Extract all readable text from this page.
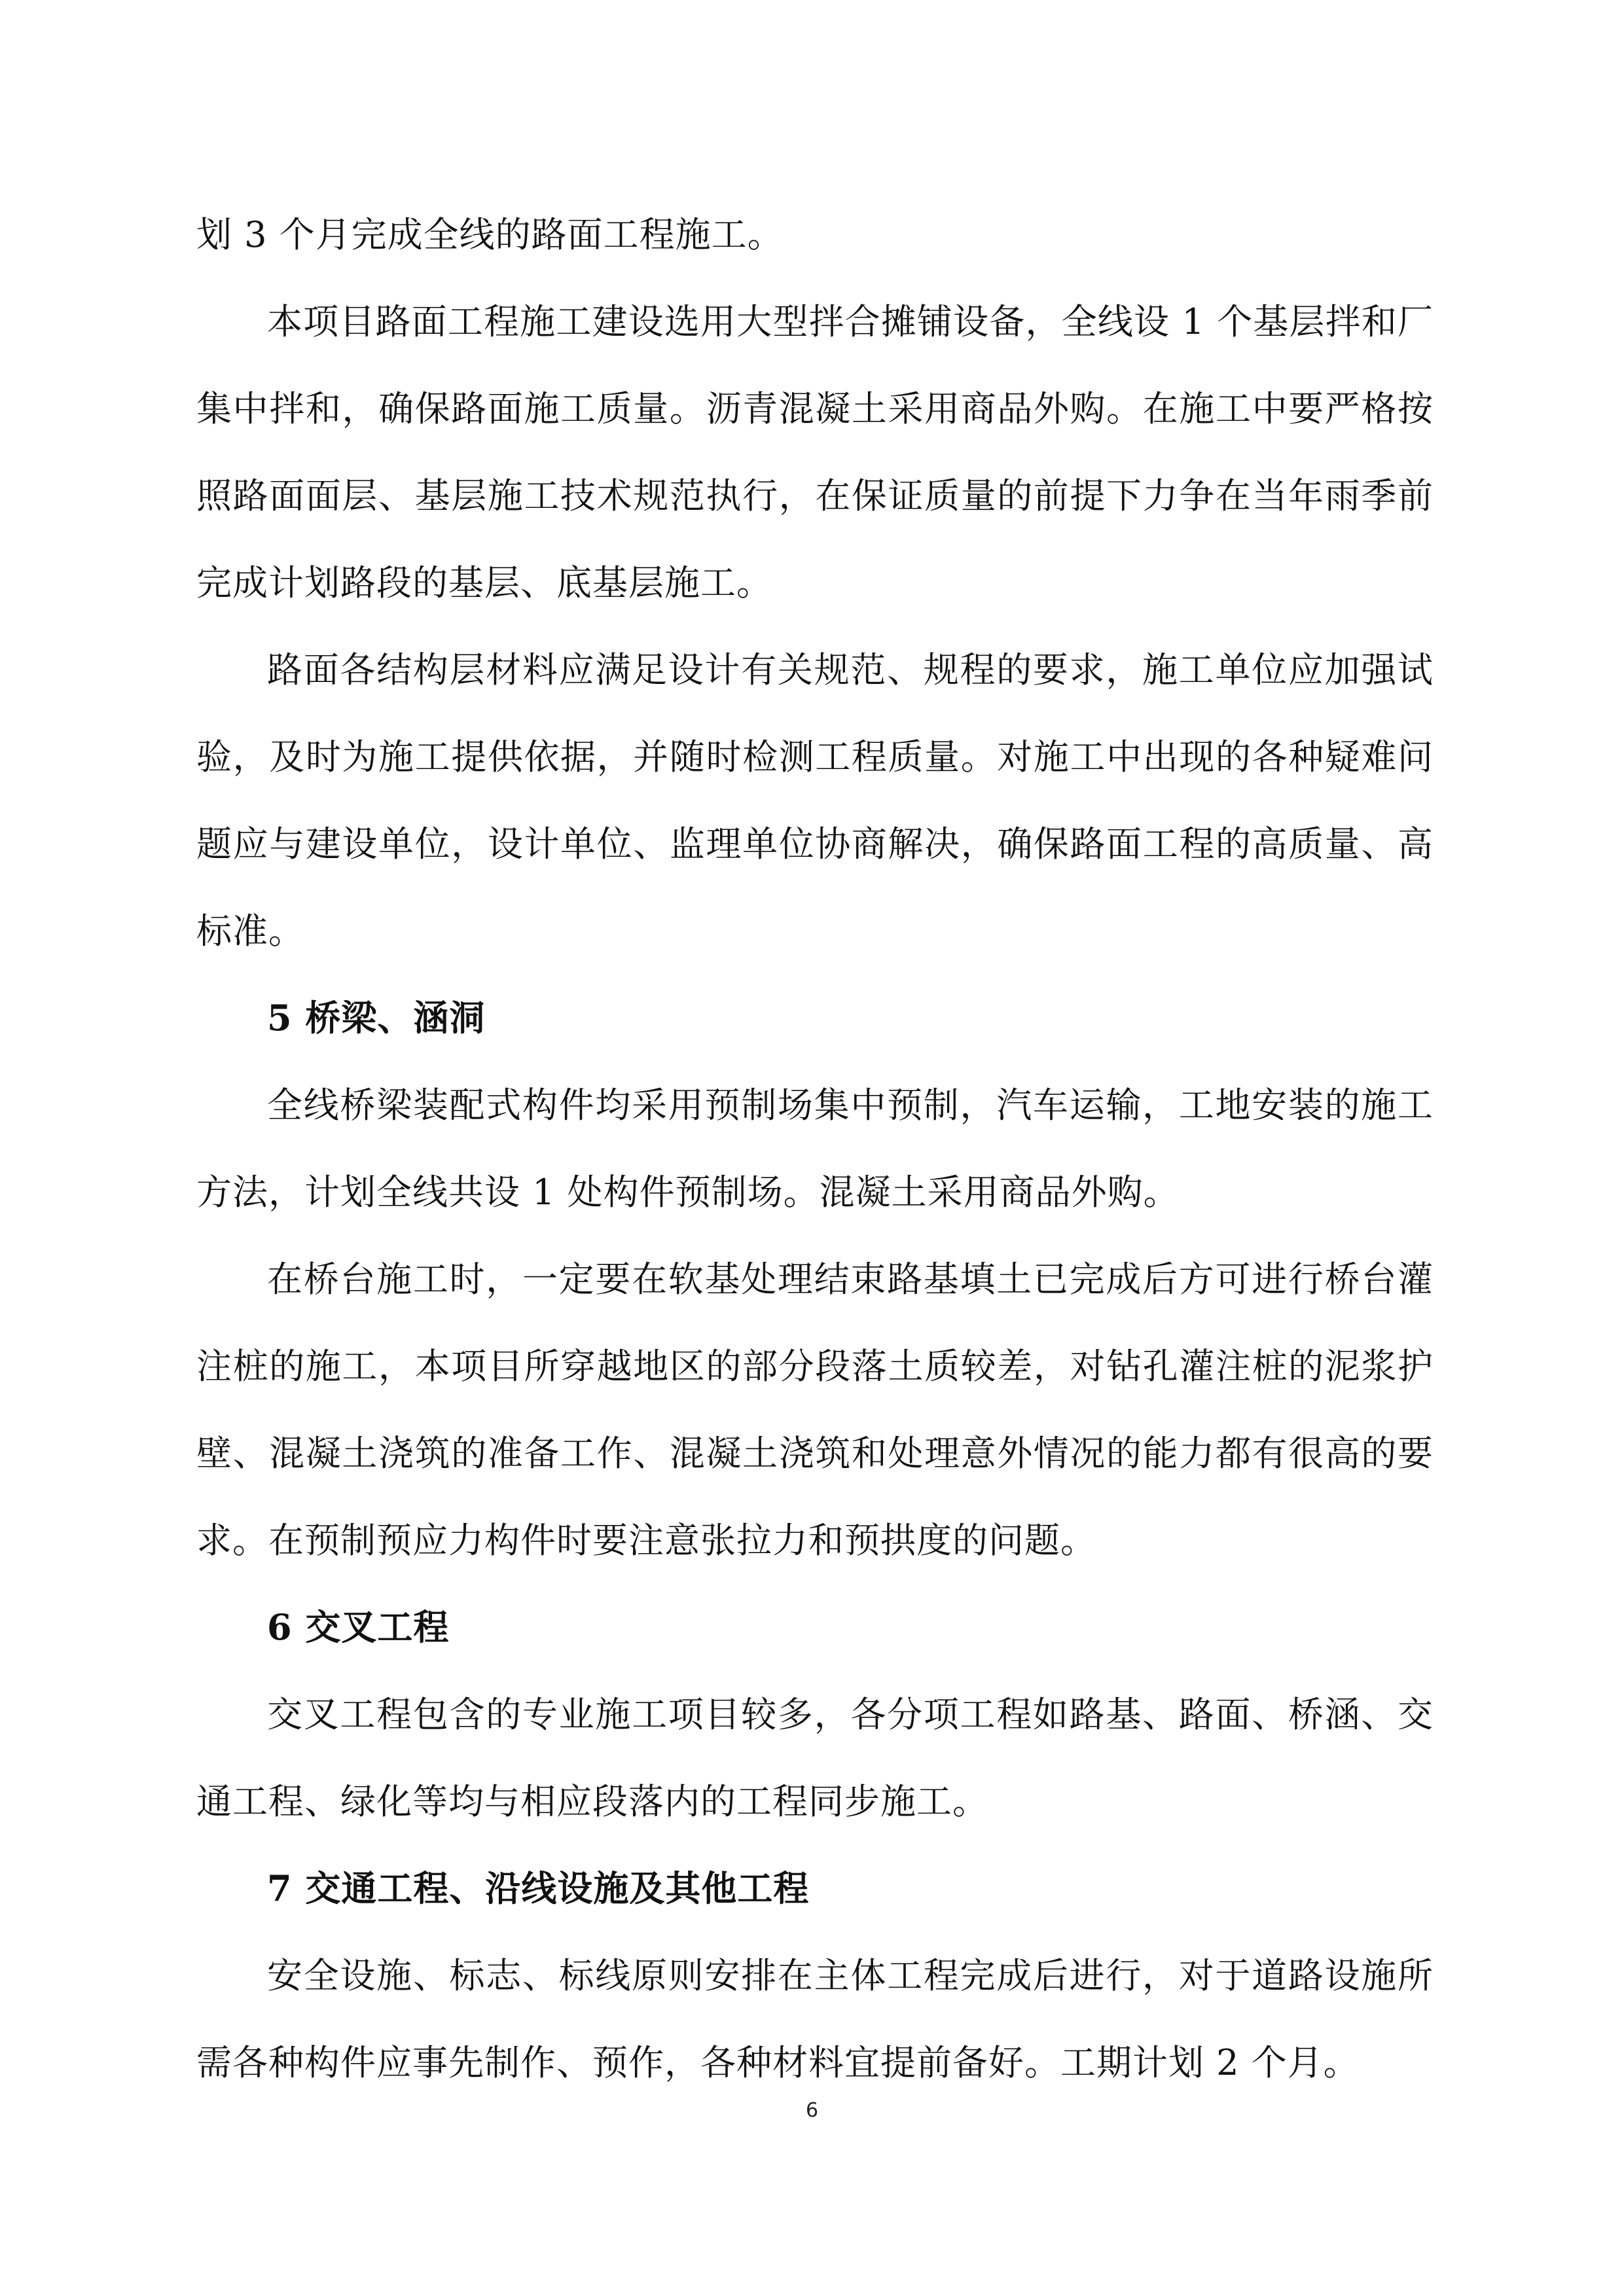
划 3 个月完成全线的路面工程施工。

本项目路面工程施工建设选用大型拌合摊铺设备，全线设 1 个基层拌和厂集中拌和，确保路面施工质量。沥青混凝土采用商品外购。在施工中要严格按照路面面层、基层施工技术规范执行，在保证质量的前提下力争在当年雨季前完成计划路段的基层、底基层施工。

路面各结构层材料应满足设计有关规范、规程的要求，施工单位应加强试验，及时为施工提供依据，并随时检测工程质量。对施工中出现的各种疑难问题应与建设单位，设计单位、监理单位协商解决，确保路面工程的高质量、高标准。

5 桥梁、涵洞

全线桥梁装配式构件均采用预制场集中预制，汽车运输，工地安装的施工方法，计划全线共设 1 处构件预制场。混凝土采用商品外购。

在桥台施工时，一定要在软基处理结束路基填土已完成后方可进行桥台灌注桩的施工，本项目所穿越地区的部分段落土质较差，对钻孔灌注桩的泥浆护壁、混凝土浇筑的准备工作、混凝土浇筑和处理意外情况的能力都有很高的要求。在预制预应力构件时要注意张拉力和预拱度的问题。

6 交叉工程

交叉工程包含的专业施工项目较多，各分项工程如路基、路面、桥涵、交通工程、绿化等均与相应段落内的工程同步施工。

7 交通工程、沿线设施及其他工程

安全设施、标志、标线原则安排在主体工程完成后进行，对于道路设施所需各种构件应事先制作、预作，各种材料宜提前备好。工期计划 2 个月。

6
